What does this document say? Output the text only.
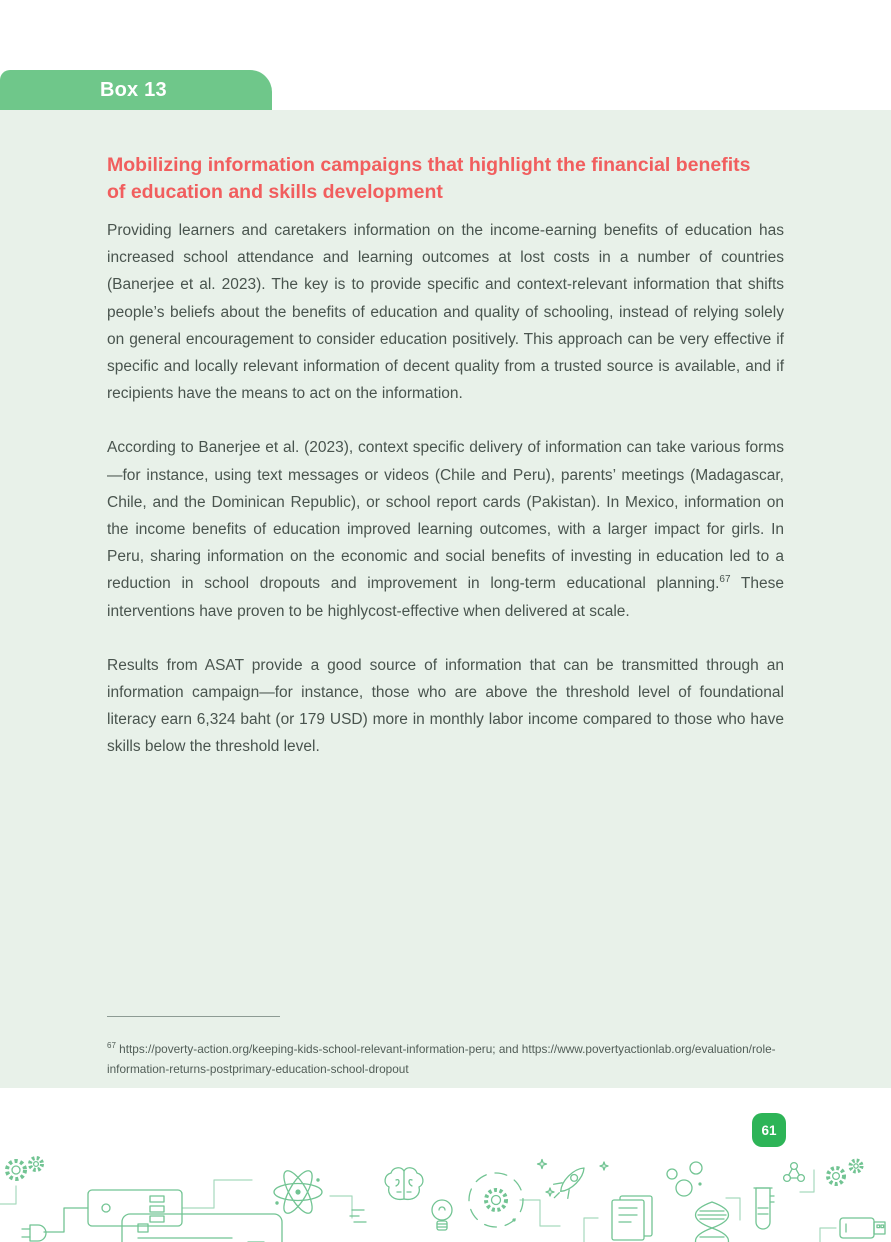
Box 13
Mobilizing information campaigns that highlight the financial benefits of education and skills development

Providing learners and caretakers information on the income-earning benefits of education has increased school attendance and learning outcomes at lost costs in a number of countries (Banerjee et al. 2023). The key is to provide specific and context-relevant information that shifts people’s beliefs about the benefits of education and quality of schooling, instead of relying solely on general encouragement to consider education positively. This approach can be very effective if specific and locally relevant information of decent quality from a trusted source is available, and if recipients have the means to act on the information.

According to Banerjee et al. (2023), context specific delivery of information can take various forms—for instance, using text messages or videos (Chile and Peru), parents’ meetings (Madagascar, Chile, and the Dominican Republic), or school report cards (Pakistan). In Mexico, information on the income benefits of education improved learning outcomes, with a larger impact for girls. In Peru, sharing information on the economic and social benefits of investing in education led to a reduction in school dropouts and improvement in long-term educational planning.$^{67}$ These interventions have proven to be highlycost-effective when delivered at scale.

Results from ASAT provide a good source of information that can be transmitted through an information campaign—for instance, those who are above the threshold level of foundational literacy earn 6,324 baht (or 179 USD) more in monthly labor income compared to those who have skills below the threshold level.

$^{67}$ https://poverty-action.org/keeping-kids-school-relevant-information-peru; and https://www.povertyactionlab.org/evaluation/role-information-returns-postprimary-education-school-dropout
61
